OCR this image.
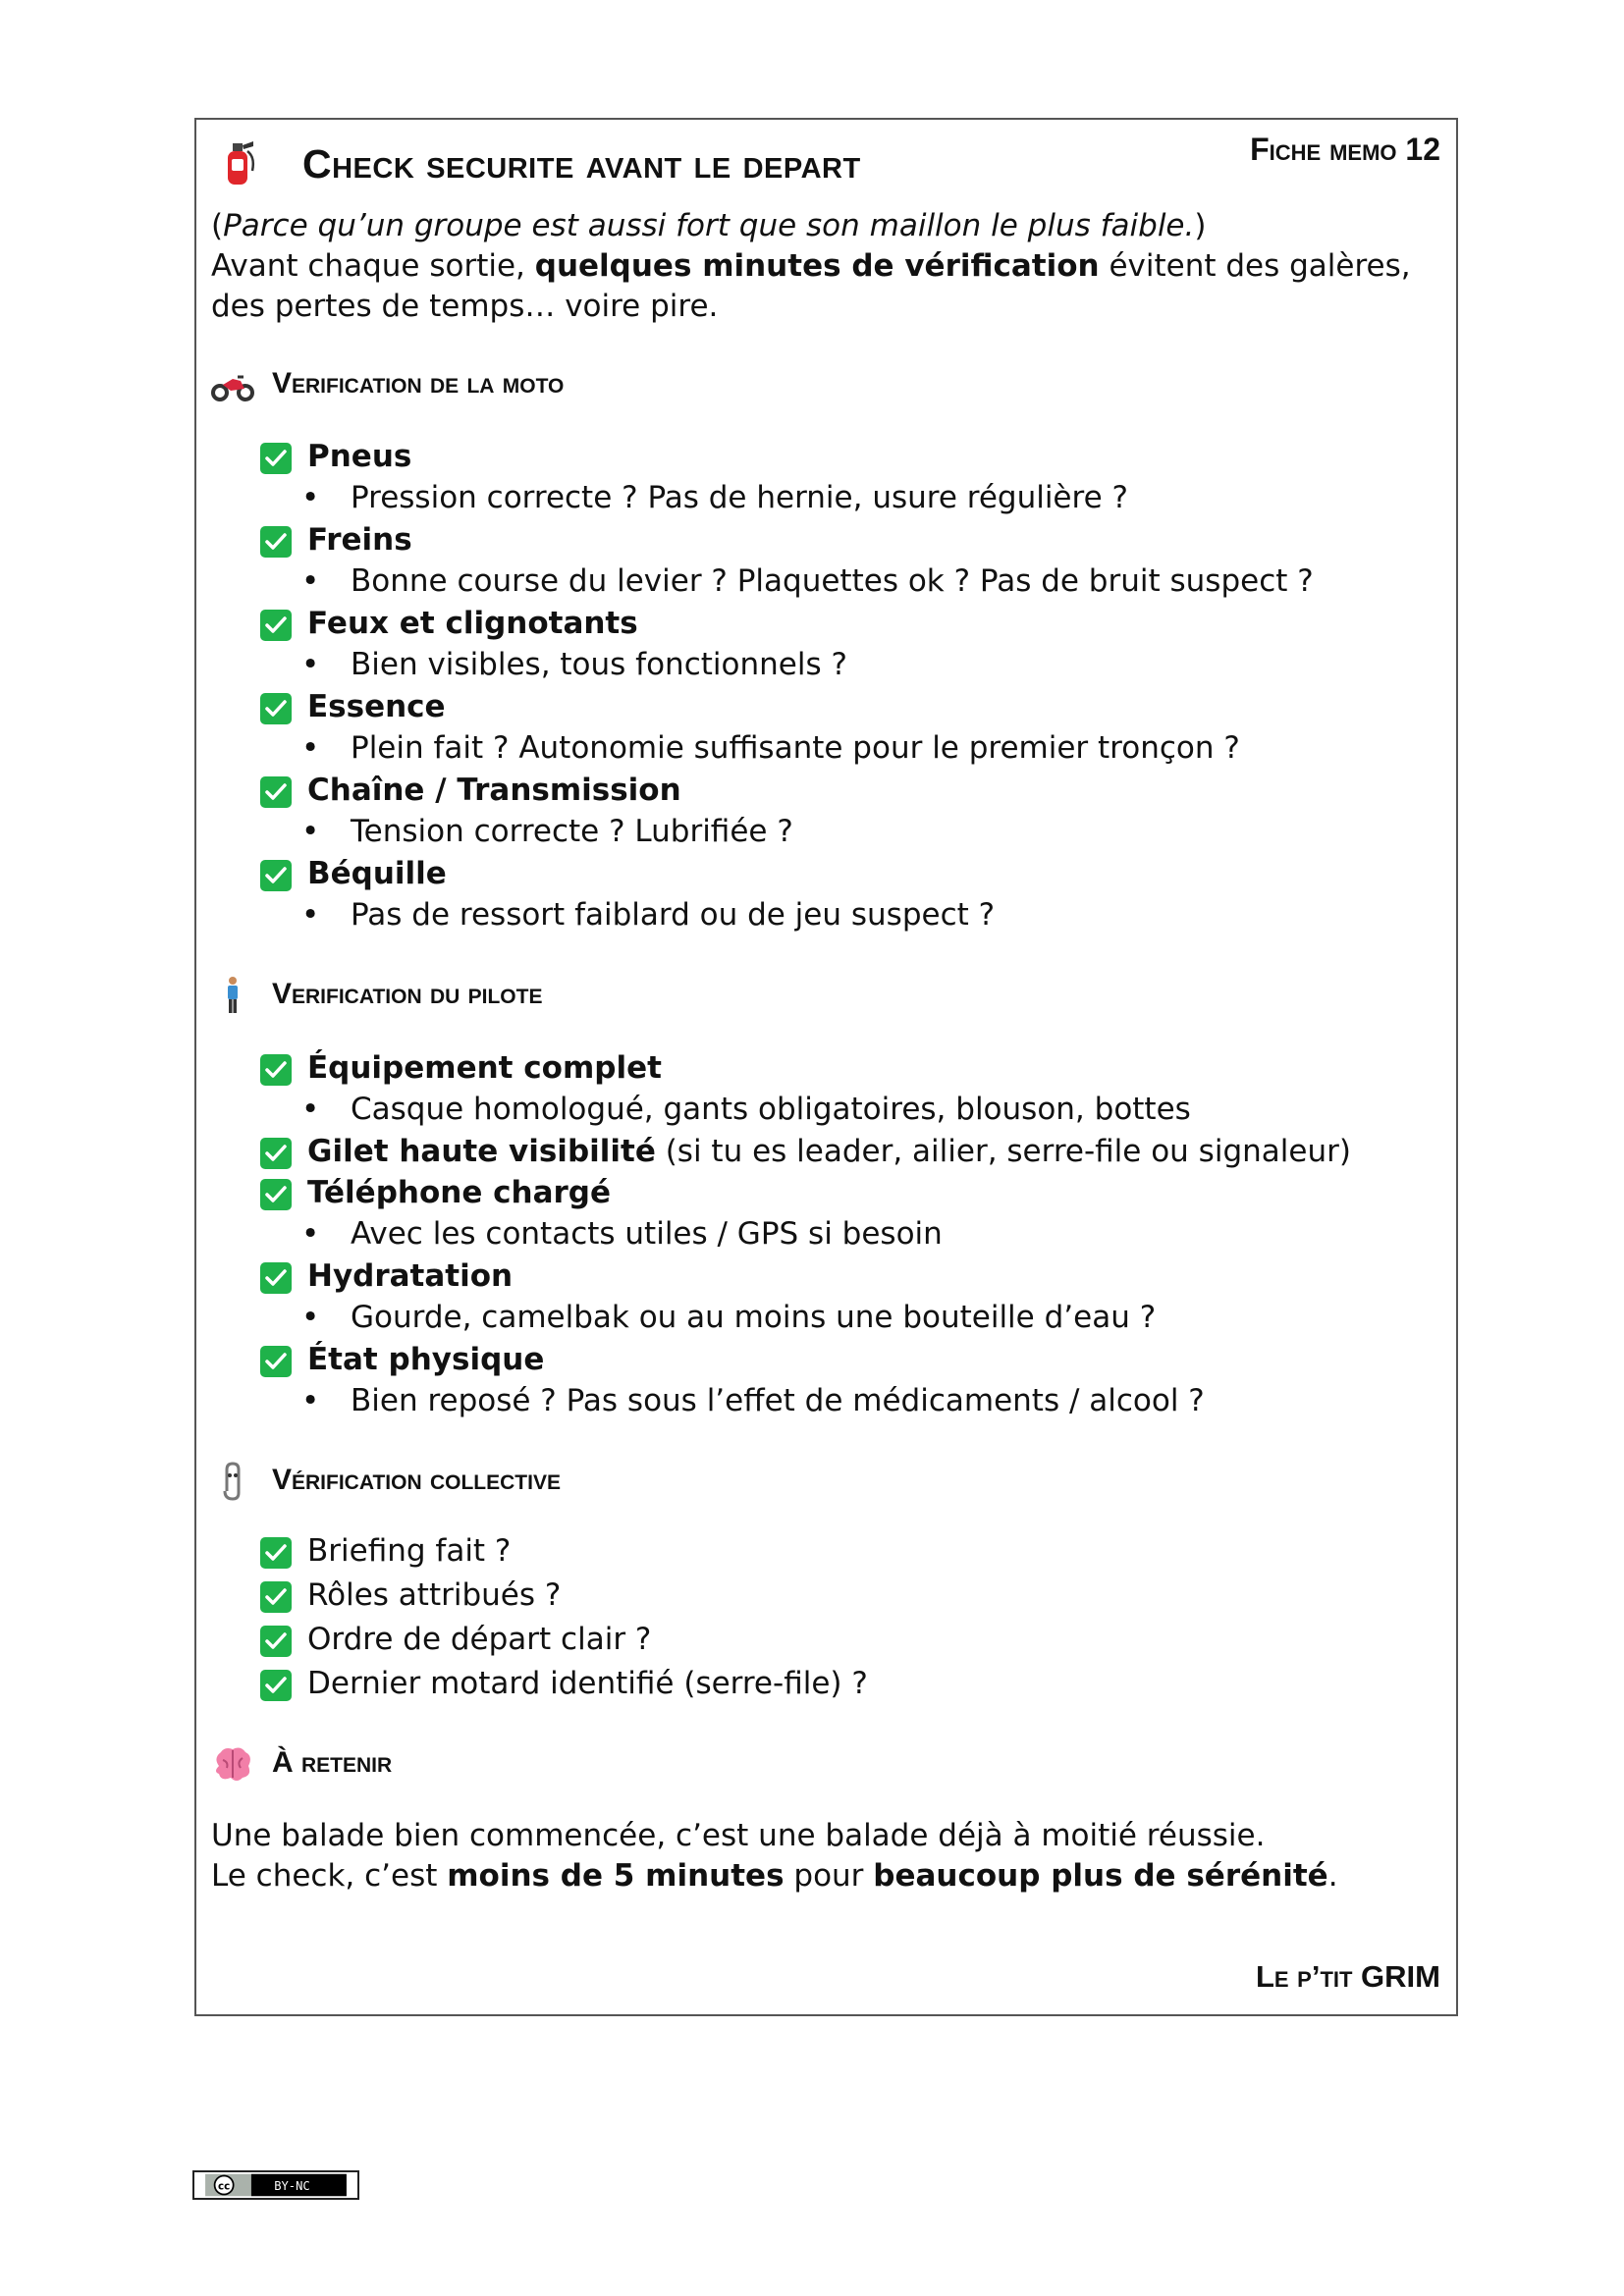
Check securite avant le depart	Fiche memo 12
(Parce qu’un groupe est aussi fort que son maillon le plus faible.)
Avant chaque sortie, quelques minutes de vérification évitent des galères, des pertes de temps… voire pire.
Verification de la moto
Pneus
• Pression correcte ? Pas de hernie, usure régulière ?
Freins
• Bonne course du levier ? Plaquettes ok ? Pas de bruit suspect ?
Feux et clignotants
• Bien visibles, tous fonctionnels ?
Essence
• Plein fait ? Autonomie suffisante pour le premier tronçon ?
Chaîne / Transmission
• Tension correcte ? Lubrifiée ?
Béquille
• Pas de ressort faiblard ou de jeu suspect ?
Verification du pilote
Équipement complet
• Casque homologué, gants obligatoires, blouson, bottes
Gilet haute visibilité (si tu es leader, ailier, serre-file ou signaleur)
Téléphone chargé
• Avec les contacts utiles / GPS si besoin
Hydratation
• Gourde, camelbak ou au moins une bouteille d’eau ?
État physique
• Bien reposé ? Pas sous l’effet de médicaments / alcool ?
Vérification collective
Briefing fait ?
Rôles attribués ?
Ordre de départ clair ?
Dernier motard identifié (serre-file) ?
À retenir
Une balade bien commencée, c’est une balade déjà à moitié réussie.
Le check, c’est moins de 5 minutes pour beaucoup plus de sérénité.
Le p’tit GRIM
cc	BY-NC
